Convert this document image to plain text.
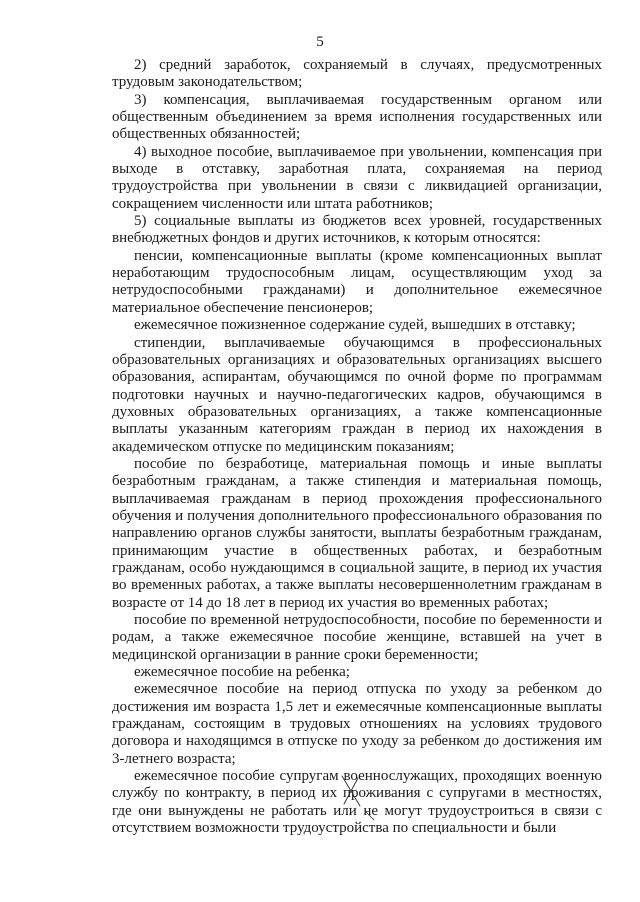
5

2) средний заработок, сохраняемый в случаях, предусмотренных трудовым законодательством;

3) компенсация, выплачиваемая государственным органом или общественным объединением за время исполнения государственных или общественных обязанностей;

4) выходное пособие, выплачиваемое при увольнении, компенсация при выходе в отставку, заработная плата, сохраняемая на период трудоустройства при увольнении в связи с ликвидацией организации, сокращением численности или штата работников;

5) социальные выплаты из бюджетов всех уровней, государственных внебюджетных фондов и других источников, к которым относятся:

пенсии, компенсационные выплаты (кроме компенсационных выплат неработающим трудоспособным лицам, осуществляющим уход за нетрудоспособными гражданами) и дополнительное ежемесячное материальное обеспечение пенсионеров;

ежемесячное пожизненное содержание судей, вышедших в отставку;

стипендии, выплачиваемые обучающимся в профессиональных образовательных организациях и образовательных организациях высшего образования, аспирантам, обучающимся по очной форме по программам подготовки научных и научно-педагогических кадров, обучающимся в духовных образовательных организациях, а также компенсационные выплаты указанным категориям граждан в период их нахождения в академическом отпуске по медицинским показаниям;

пособие по безработице, материальная помощь и иные выплаты безработным гражданам, а также стипендия и материальная помощь, выплачиваемая гражданам в период прохождения профессионального обучения и получения дополнительного профессионального образования по направлению органов службы занятости, выплаты безработным гражданам, принимающим участие в общественных работах, и безработным гражданам, особо нуждающимся в социальной защите, в период их участия во временных работах, а также выплаты несовершеннолетним гражданам в возрасте от 14 до 18 лет в период их участия во временных работах;

пособие по временной нетрудоспособности, пособие по беременности и родам, а также ежемесячное пособие женщине, вставшей на учет в медицинской организации в ранние сроки беременности;

ежемесячное пособие на ребенка;

ежемесячное пособие на период отпуска по уходу за ребенком до достижения им возраста 1,5 лет и ежемесячные компенсационные выплаты гражданам, состоящим в трудовых отношениях на условиях трудового договора и находящимся в отпуске по уходу за ребенком до достижения им 3-летнего возраста;

ежемесячное пособие супругам военнослужащих, проходящих военную службу по контракту, в период их проживания с супругами в местностях, где они вынуждены не работать или не могут трудоустроиться в связи с отсутствием возможности трудоустройства по специальности и были
